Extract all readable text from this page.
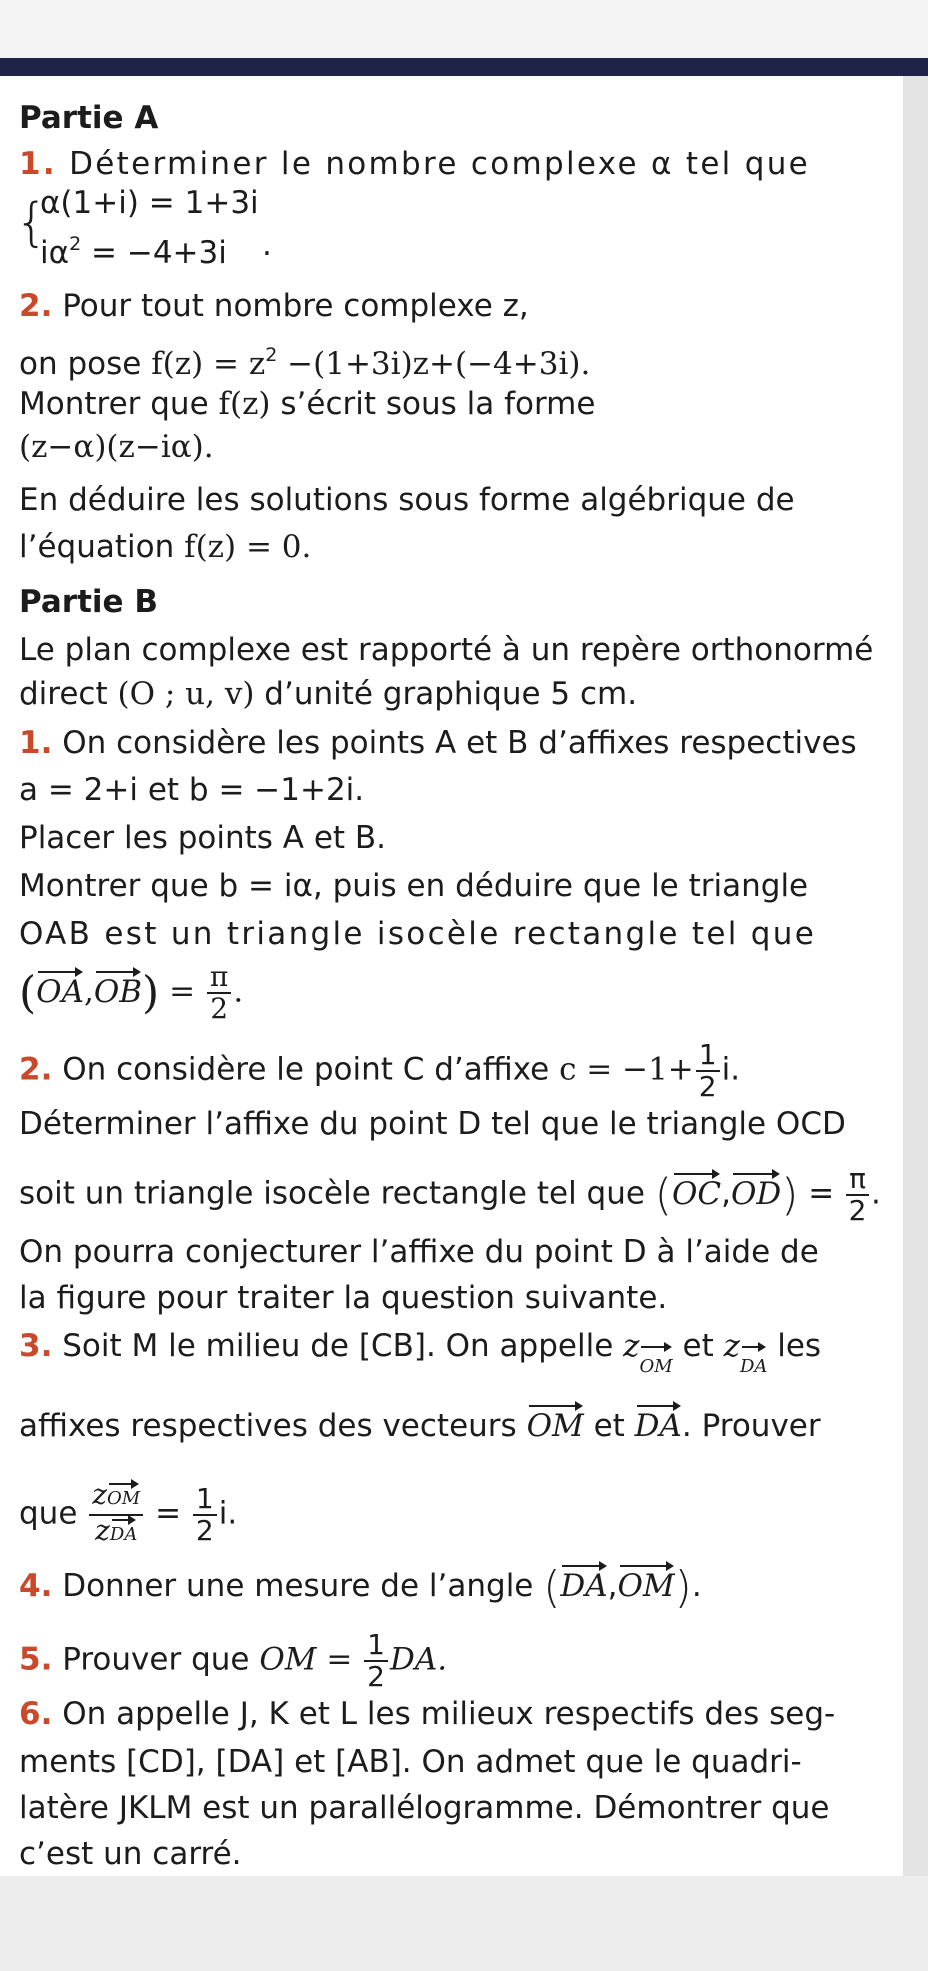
Partie A
1. Déterminer le nombre complexe α tel que
{
α(1+i) = 1+3i
$i\alpha^2 = -4+3i$ .
2. Pour tout nombre complexe z,
on pose $f(z) = z^2 -(1+3i)z+(-4+3i)$.
Montrer que f(z) s’écrit sous la forme
(z−α)(z−iα).
En déduire les solutions sous forme algébrique de
l’équation f(z) = 0.
Partie B
Le plan complexe est rapporté à un repère orthonormé
direct (O ; u, v) d’unité graphique 5 cm.
1. On considère les points A et B d’affixes respectives
a = 2+i et b = −1+2i.
Placer les points A et B.
Montrer que b = iα, puis en déduire que le triangle
OAB est un triangle isocèle rectangle tel que
$(OA,OB) = \frac{\pi}{2}$ .
2. On considère le point C d’affixe $c = -1+ \frac{1}{2} i$.
Déterminer l’affixe du point D tel que le triangle OCD
soit un triangle isocèle rectangle tel que $(OC,OD) = \frac{\pi}{2}$ .
On pourra conjecturer l’affixe du point D à l’aide de
la figure pour traiter la question suivante.
3. Soit M le milieu de [CB]. On appelle zOM et zDA les
affixes respectives des vecteurs OM et DA. Prouver
que $\frac{\text{zOM}}{\text{zDA}} = \frac{1}{2} i$.
4. Donner une mesure de l’angle (DA,OM).
5. Prouver que OM = $\frac{1}{2}$ DA.
6. On appelle J, K et L les milieux respectifs des seg-
ments [CD], [DA] et [AB]. On admet que le quadri-
latère JKLM est un parallélogramme. Démontrer que
c’est un carré.
